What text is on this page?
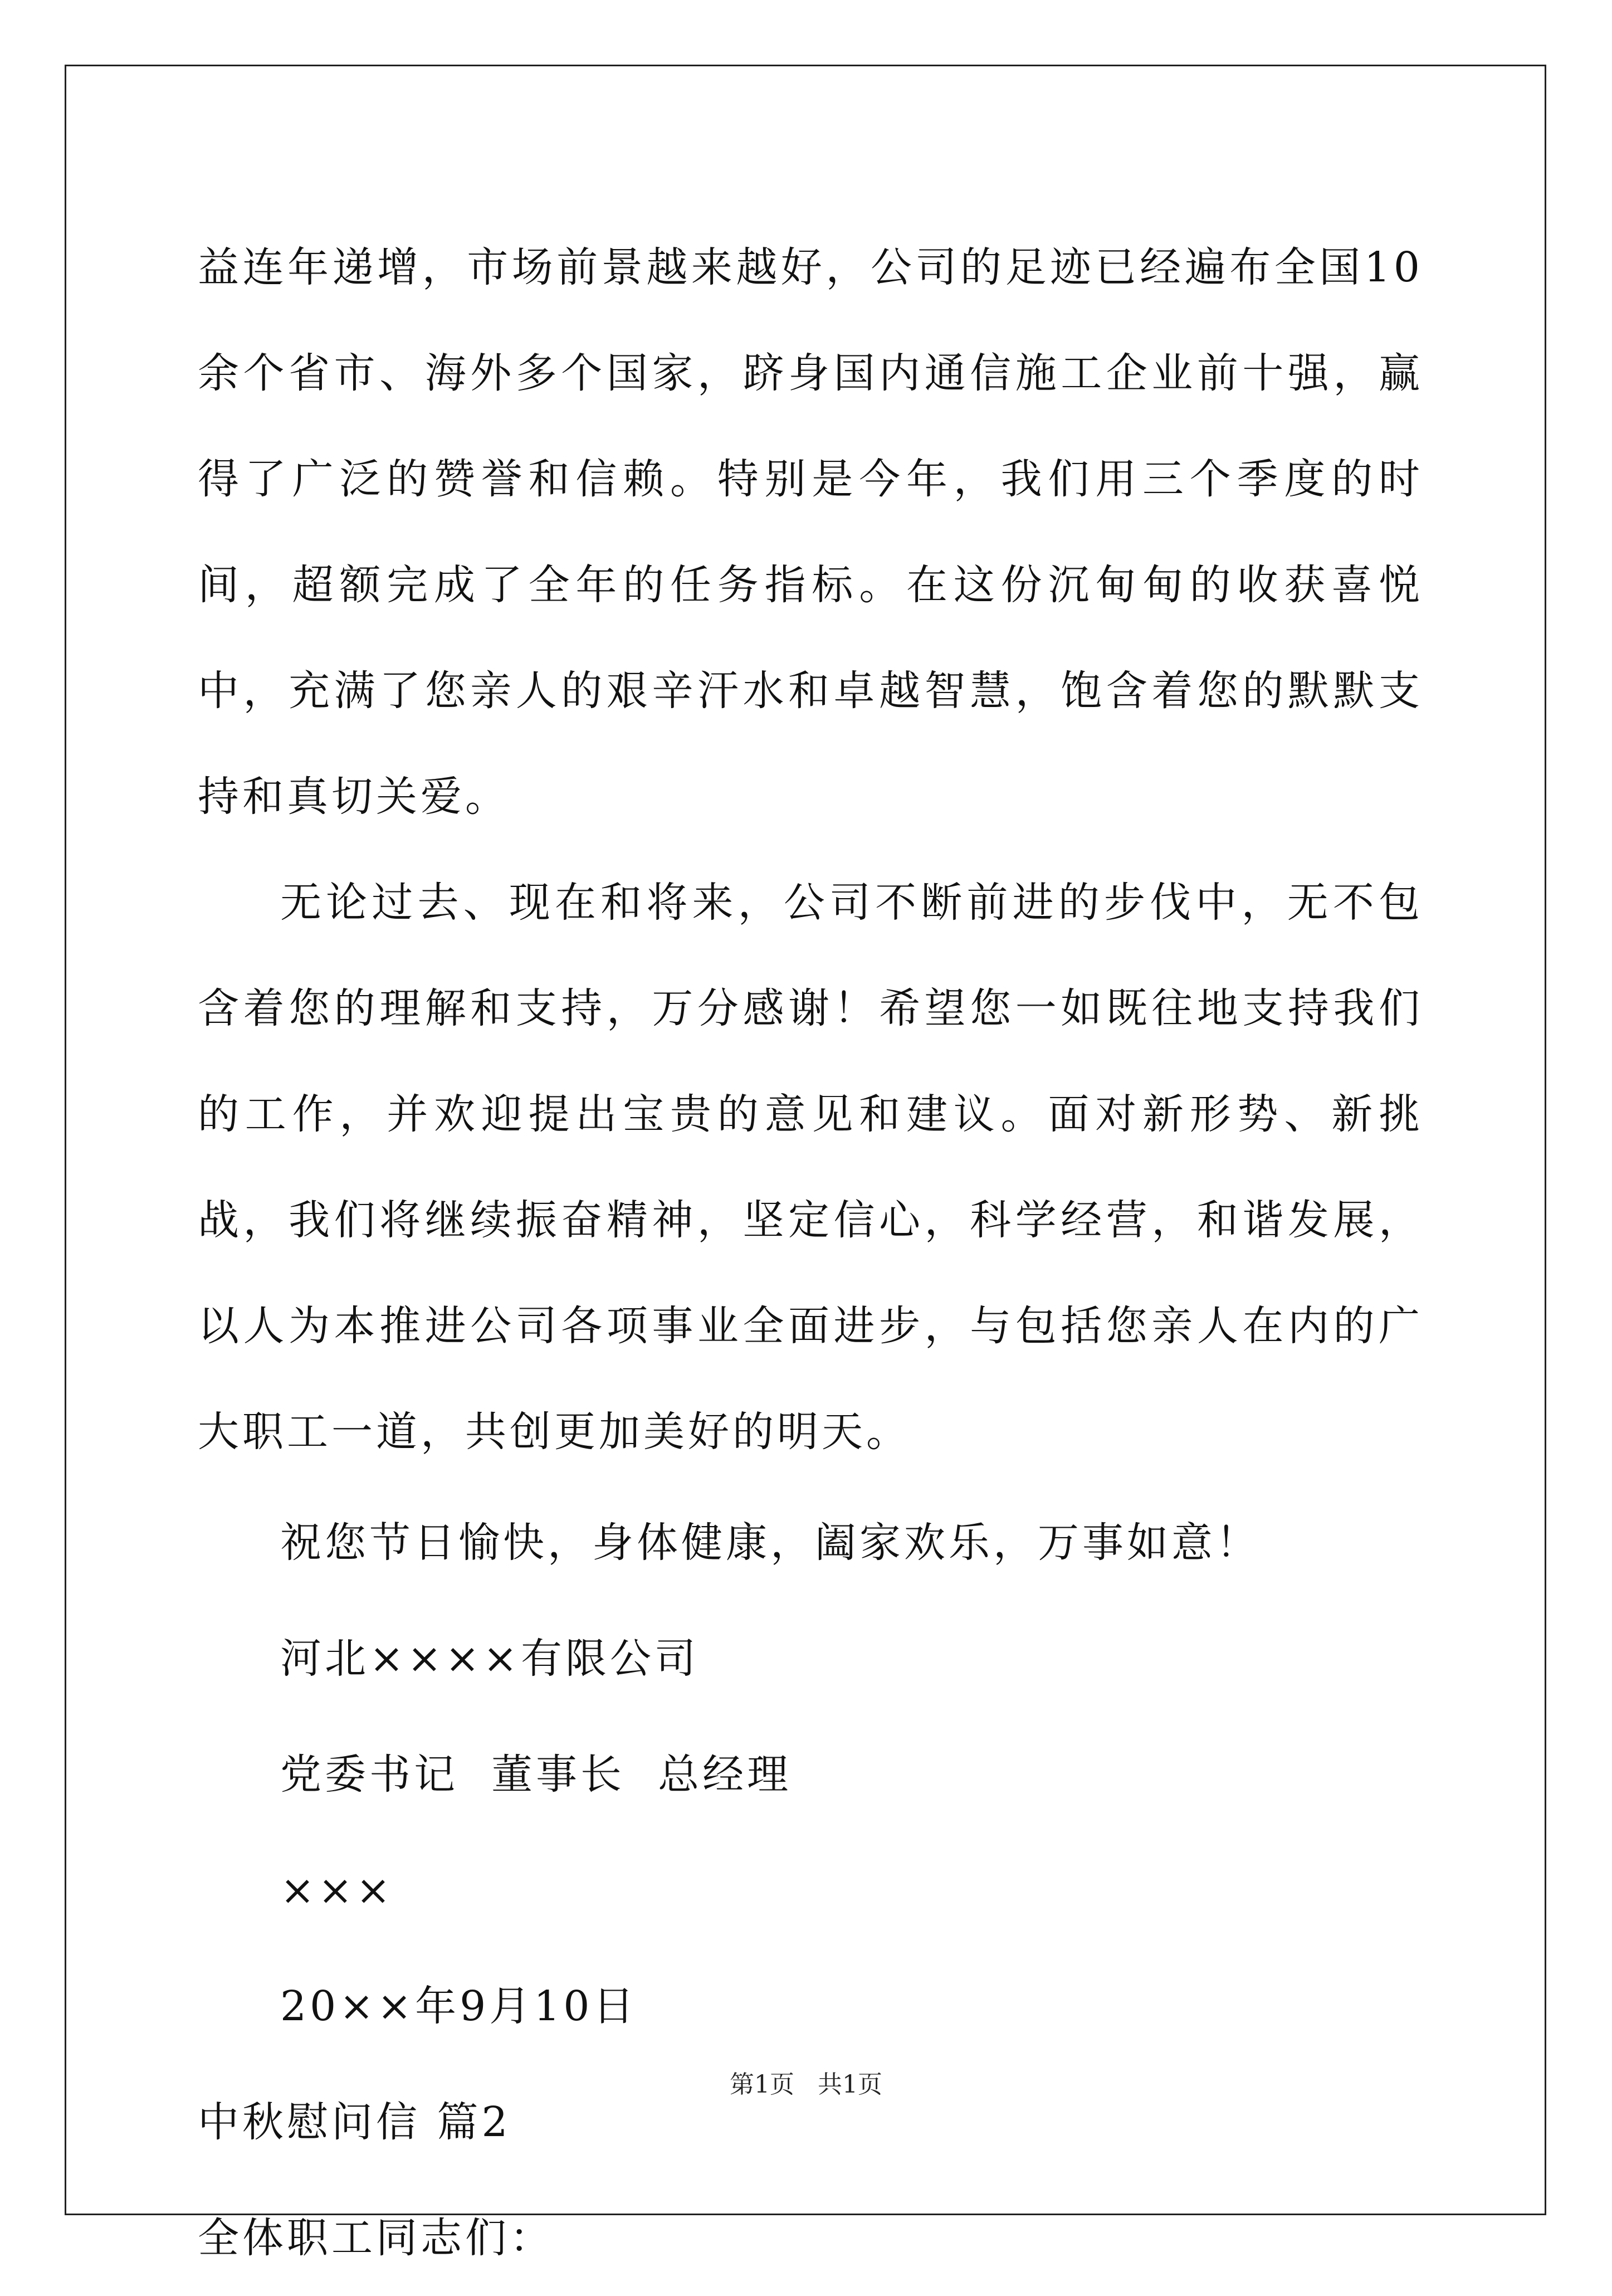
益连年递增，市场前景越来越好，公司的足迹已经遍布全国10余个省市、海外多个国家，跻身国内通信施工企业前十强，赢得了广泛的赞誉和信赖。特别是今年，我们用三个季度的时间，超额完成了全年的任务指标。在这份沉甸甸的收获喜悦中，充满了您亲人的艰辛汗水和卓越智慧，饱含着您的默默支持和真切关爱。

无论过去、现在和将来，公司不断前进的步伐中，无不包含着您的理解和支持，万分感谢！希望您一如既往地支持我们的工作，并欢迎提出宝贵的意见和建议。面对新形势、新挑战，我们将继续振奋精神，坚定信心，科学经营，和谐发展，以人为本推进公司各项事业全面进步，与包括您亲人在内的广大职工一道，共创更加美好的明天。

祝您节日愉快，身体健康，阖家欢乐，万事如意！

河北××××有限公司

党委书记  董事长  总经理

×××

20××年9月10日

中秋慰问信 篇2

全体职工同志们：

第1页   共1页
